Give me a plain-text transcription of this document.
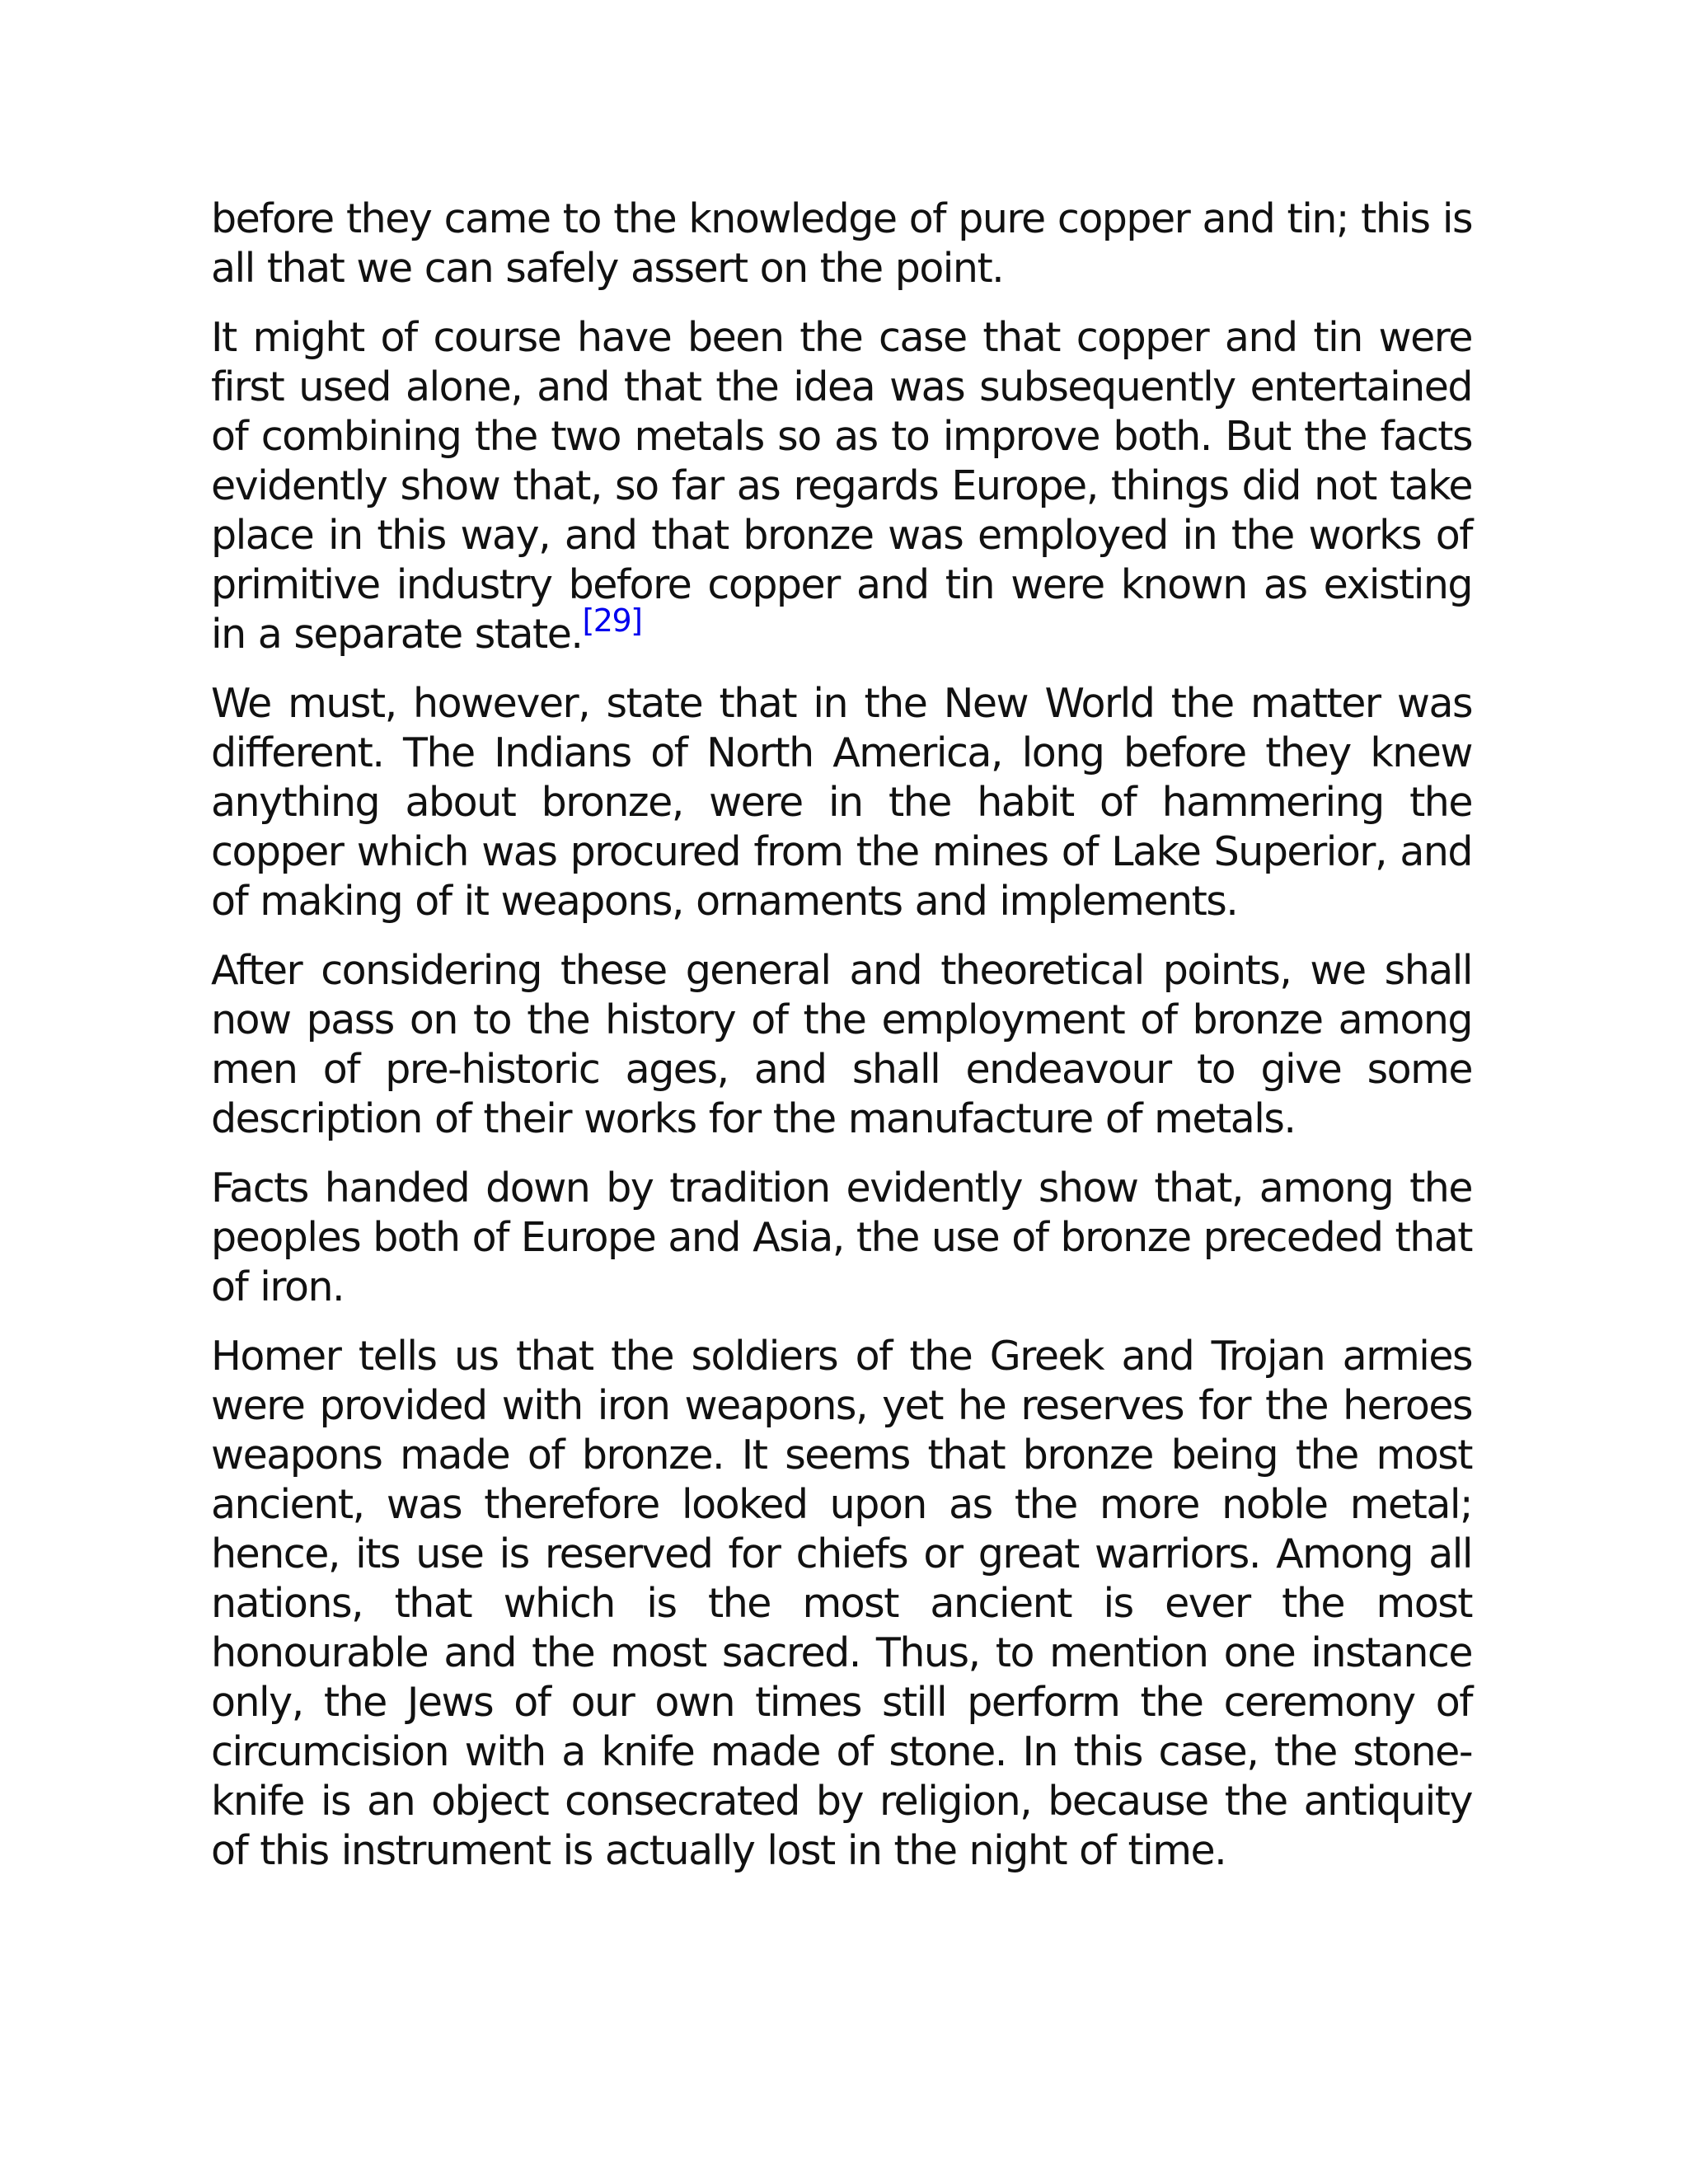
before they came to the knowledge of pure copper and tin; this is all that we can safely assert on the point.

It might of course have been the case that copper and tin were first used alone, and that the idea was subsequently entertained of combining the two metals so as to improve both. But the facts evidently show that, so far as regards Europe, things did not take place in this way, and that bronze was employed in the works of primitive industry before copper and tin were known as existing in a separate state.[29]

We must, however, state that in the New World the matter was different. The Indians of North America, long before they knew anything about bronze, were in the habit of hammering the copper which was procured from the mines of Lake Superior, and of making of it weapons, ornaments and implements.

After considering these general and theoretical points, we shall now pass on to the history of the employment of bronze among men of pre-historic ages, and shall endeavour to give some description of their works for the manufacture of metals.

Facts handed down by tradition evidently show that, among the peoples both of Europe and Asia, the use of bronze preceded that of iron.

Homer tells us that the soldiers of the Greek and Trojan armies were provided with iron weapons, yet he reserves for the heroes weapons made of bronze. It seems that bronze being the most ancient, was therefore looked upon as the more noble metal; hence, its use is reserved for chiefs or great warriors. Among all nations, that which is the most ancient is ever the most honourable and the most sacred. Thus, to mention one instance only, the Jews of our own times still perform the ceremony of circumcision with a knife made of stone. In this case, the stone-knife is an object consecrated by religion, because the antiquity of this instrument is actually lost in the night of time.
